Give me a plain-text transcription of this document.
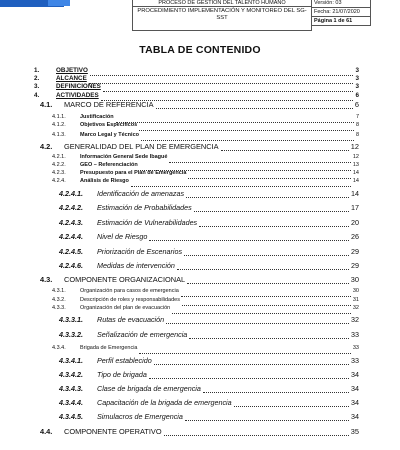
PROCESO DE GESTIÓN DEL TALENTO HUMANO
PROCEDIMIENTO IMPLEMENTACIÓN Y MONITOREO DEL SG-SST
Versión: 03
Fecha: 21/07/2020
Página 1 de 61
TABLA DE CONTENIDO
1.	OBJETIVO	3
2.	ALCANCE	3
3.	DEFINICIONES	3
4.	ACTIVIDADES	6
4.1. MARCO DE REFERENCIA	6
4.1.1.	Justificación	7
4.1.2.	Objetivos Especificos	8
4.1.3.	Marco Legal y Técnico	8
4.2. GENERALIDAD DEL PLAN DE EMERGENCIA	12
4.2.1.	Información General Sede Ibagué	12
4.2.2.	GEO – Referenciación	13
4.2.3.	Presupuesto para el Plan de Emergencia	14
4.2.4.	Análisis de Riesgo	14
4.2.4.1. Identificación de amenazas	14
4.2.4.2. Estimación de Probabilidades	17
4.2.4.3. Estimación de Vulnerabilidades	20
4.2.4.4. Nivel de Riesgo	26
4.2.4.5. Priorización de Escenarios	29
4.2.4.6. Medidas de intervención	29
4.3. COMPONENTE ORGANIZACIONAL	30
4.3.1.	Organización para casos de emergencia	30
4.3.2.	Descripción de roles y responsabilidades	31
4.3.3.	Organización del plan de evacuación	32
4.3.3.1. Rutas de evacuación	32
4.3.3.2. Señalización de emergencia	33
4.3.4.	Brigada de Emergencia	33
4.3.4.1. Perfil establecido	33
4.3.4.2. Tipo de brigada	34
4.3.4.3. Clase de brigada de emergencia	34
4.3.4.4. Capacitación de la brigada de emergencia	34
4.3.4.5. Simulacros de Emergencia	34
4.4. COMPONENTE OPERATIVO	35
